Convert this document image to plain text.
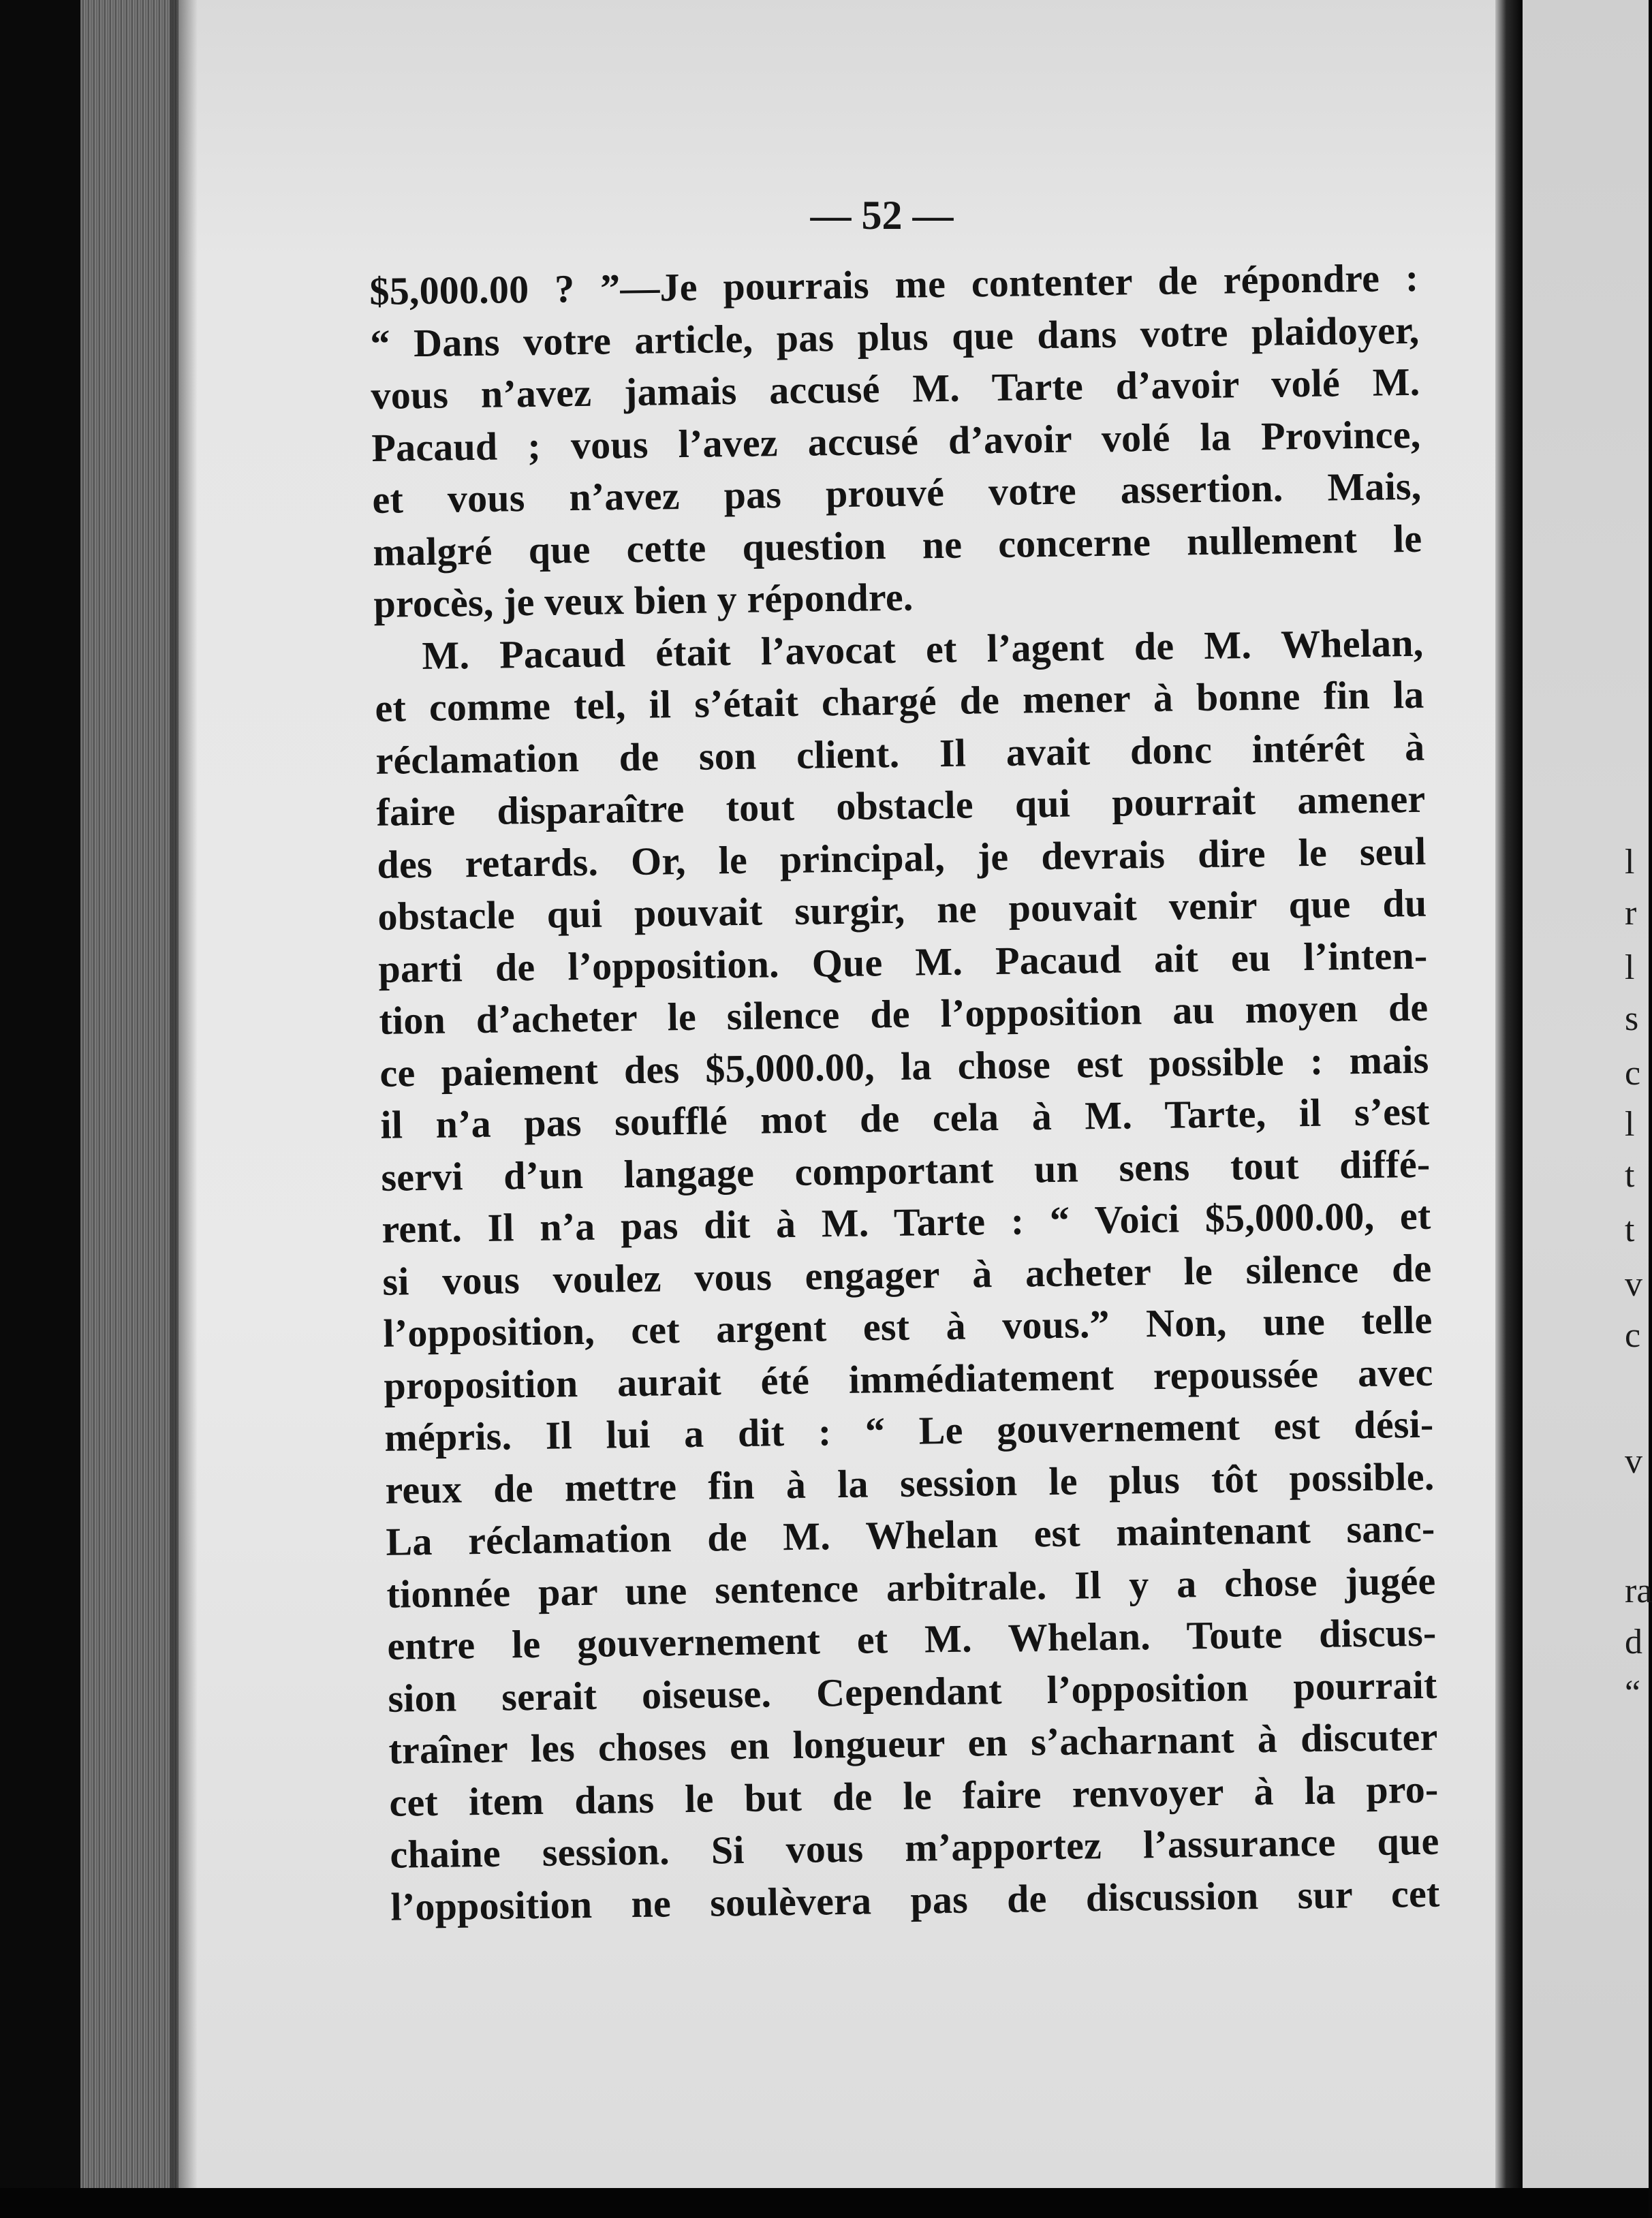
— 52 —
$5,000.00 ? ”—Je pourrais me contenter de répondre :
“ Dans votre article, pas plus que dans votre plaidoyer,
vous n’avez jamais accusé M. Tarte d’avoir volé M.
Pacaud ; vous l’avez accusé d’avoir volé la Province,
et vous n’avez pas prouvé votre assertion. Mais,
malgré que cette question ne concerne nullement le
procès, je veux bien y répondre.
M. Pacaud était l’avocat et l’agent de M. Whelan,
et comme tel, il s’était chargé de mener à bonne fin la
réclamation de son client. Il avait donc intérêt à
faire disparaître tout obstacle qui pourrait amener
des retards. Or, le principal, je devrais dire le seul
obstacle qui pouvait surgir, ne pouvait venir que du
parti de l’opposition. Que M. Pacaud ait eu l’inten-
tion d’acheter le silence de l’opposition au moyen de
ce paiement des $5,000.00, la chose est possible : mais
il n’a pas soufflé mot de cela à M. Tarte, il s’est
servi d’un langage comportant un sens tout diffé-
rent. Il n’a pas dit à M. Tarte : “ Voici $5,000.00, et
si vous voulez vous engager à acheter le silence de
l’opposition, cet argent est à vous.” Non, une telle
proposition aurait été immédiatement repoussée avec
mépris. Il lui a dit : “ Le gouvernement est dési-
reux de mettre fin à la session le plus tôt possible.
La réclamation de M. Whelan est maintenant sanc-
tionnée par une sentence arbitrale. Il y a chose jugée
entre le gouvernement et M. Whelan. Toute discus-
sion serait oiseuse. Cependant l’opposition pourrait
traîner les choses en longueur en s’acharnant à discuter
cet item dans le but de le faire renvoyer à la pro-
chaine session. Si vous m’apportez l’assurance que
l’opposition ne soulèvera pas de discussion sur cet
l
r
l
s
c
l
t
t
v
c
v
ra
d
“
